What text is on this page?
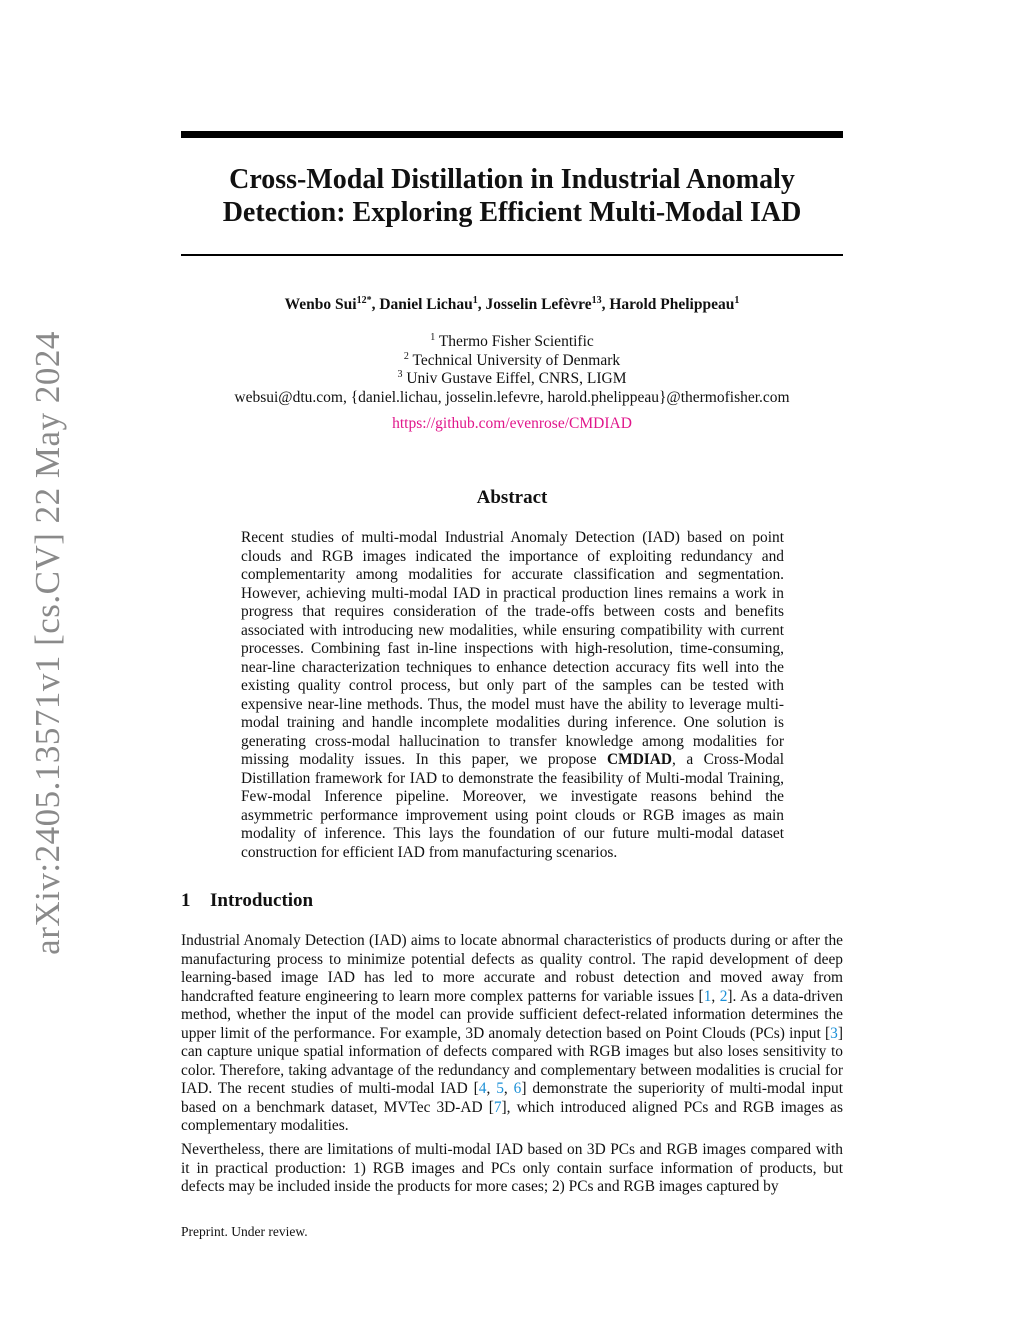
arXiv:2405.13571v1 [cs.CV] 22 May 2024
Cross-Modal Distillation in Industrial Anomaly
Detection: Exploring Efficient Multi-Modal IAD
Wenbo Sui$^{12*}$, Daniel Lichau$^1$, Josselin Lefèvre$^{13}$, Harold Phelippeau$^1$
$^1$ Thermo Fisher Scientific
$^2$ Technical University of Denmark
$^3$ Univ Gustave Eiffel, CNRS, LIGM
websui@dtu.com, {daniel.lichau, josselin.lefevre, harold.phelippeau}@thermofisher.com
https://github.com/evenrose/CMDIAD
Abstract

Recent studies of multi-modal Industrial Anomaly Detection (IAD) based on point clouds and RGB images indicated the importance of exploiting redundancy and complementarity among modalities for accurate classification and segmentation. However, achieving multi-modal IAD in practical production lines remains a work in progress that requires consideration of the trade-offs between costs and benefits associated with introducing new modalities, while ensuring compatibility with current processes. Combining fast in-line inspections with high-resolution, time-consuming, near-line characterization techniques to enhance detection accuracy fits well into the existing quality control process, but only part of the samples can be tested with expensive near-line methods. Thus, the model must have the ability to leverage multi-modal training and handle incomplete modalities during inference. One solution is generating cross-modal hallucination to transfer knowledge among modalities for missing modality issues. In this paper, we propose CMDIAD, a Cross-Modal Distillation framework for IAD to demonstrate the feasibility of Multi-modal Training, Few-modal Inference pipeline. Moreover, we investigate reasons behind the asymmetric performance improvement using point clouds or RGB images as main modality of inference. This lays the foundation of our future multi-modal dataset construction for efficient IAD from manufacturing scenarios.

1 Introduction

Industrial Anomaly Detection (IAD) aims to locate abnormal characteristics of products during or after the manufacturing process to minimize potential defects as quality control. The rapid development of deep learning-based image IAD has led to more accurate and robust detection and moved away from handcrafted feature engineering to learn more complex patterns for variable issues [1, 2]. As a data-driven method, whether the input of the model can provide sufficient defect-related information determines the upper limit of the performance. For example, 3D anomaly detection based on Point Clouds (PCs) input [3] can capture unique spatial information of defects compared with RGB images but also loses sensitivity to color. Therefore, taking advantage of the redundancy and complementary between modalities is crucial for IAD. The recent studies of multi-modal IAD [4, 5, 6] demonstrate the superiority of multi-modal input based on a benchmark dataset, MVTec 3D-AD [7], which introduced aligned PCs and RGB images as complementary modalities.

Nevertheless, there are limitations of multi-modal IAD based on 3D PCs and RGB images compared with it in practical production: 1) RGB images and PCs only contain surface information of products, but defects may be included inside the products for more cases; 2) PCs and RGB images captured by

Preprint. Under review.
